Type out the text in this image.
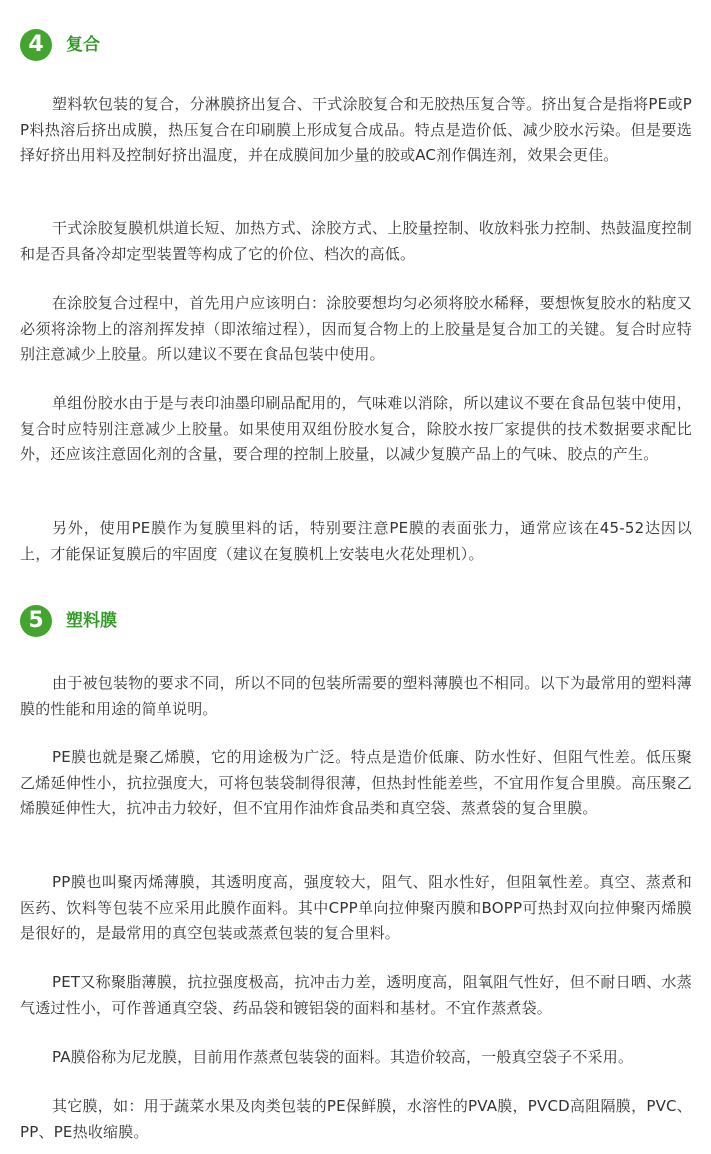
4	复合

塑料软包装的复合，分淋膜挤出复合、干式涂胶复合和无胶热压复合等。挤出复合是指将PE或PP料热溶后挤出成膜，热压复合在印刷膜上形成复合成品。特点是造价低、减少胶水污染。但是要选择好挤出用料及控制好挤出温度，并在成膜间加少量的胶或AC剂作偶连剂，效果会更佳。

干式涂胶复膜机烘道长短、加热方式、涂胶方式、上胶量控制、收放料张力控制、热鼓温度控制和是否具备冷却定型装置等构成了它的价位、档次的高低。

在涂胶复合过程中，首先用户应该明白：涂胶要想均匀必须将胶水稀释，要想恢复胶水的粘度又必须将涂物上的溶剂挥发掉（即浓缩过程），因而复合物上的上胶量是复合加工的关键。复合时应特别注意减少上胶量。所以建议不要在食品包装中使用。

单组份胶水由于是与表印油墨印刷品配用的，气味难以消除，所以建议不要在食品包装中使用，复合时应特别注意减少上胶量。如果使用双组份胶水复合，除胶水按厂家提供的技术数据要求配比外，还应该注意固化剂的含量，要合理的控制上胶量，以减少复膜产品上的气味、胶点的产生。

另外，使用PE膜作为复膜里料的话，特别要注意PE膜的表面张力，通常应该在45-52达因以上，才能保证复膜后的牢固度（建议在复膜机上安装电火花处理机）。

5	塑料膜

由于被包装物的要求不同，所以不同的包装所需要的塑料薄膜也不相同。以下为最常用的塑料薄膜的性能和用途的简单说明。

PE膜也就是聚乙烯膜，它的用途极为广泛。特点是造价低廉、防水性好、但阻气性差。低压聚乙烯延伸性小，抗拉强度大，可将包装袋制得很薄，但热封性能差些，不宜用作复合里膜。高压聚乙烯膜延伸性大，抗冲击力较好，但不宜用作油炸食品类和真空袋、蒸煮袋的复合里膜。

PP膜也叫聚丙烯薄膜，其透明度高，强度较大，阻气、阻水性好，但阻氧性差。真空、蒸煮和医药、饮料等包装不应采用此膜作面料。其中CPP单向拉伸聚丙膜和BOPP可热封双向拉伸聚丙烯膜是很好的，是最常用的真空包装或蒸煮包装的复合里料。

PET又称聚脂薄膜，抗拉强度极高，抗冲击力差，透明度高，阻氧阻气性好，但不耐日晒、水蒸气透过性小，可作普通真空袋、药品袋和镀铝袋的面料和基材。不宜作蒸煮袋。

PA膜俗称为尼龙膜，目前用作蒸煮包装袋的面料。其造价较高，一般真空袋子不采用。

其它膜，如：用于蔬菜水果及肉类包装的PE保鲜膜，水溶性的PVA膜，PVCD高阻隔膜，PVC、PP、PE热收缩膜。
